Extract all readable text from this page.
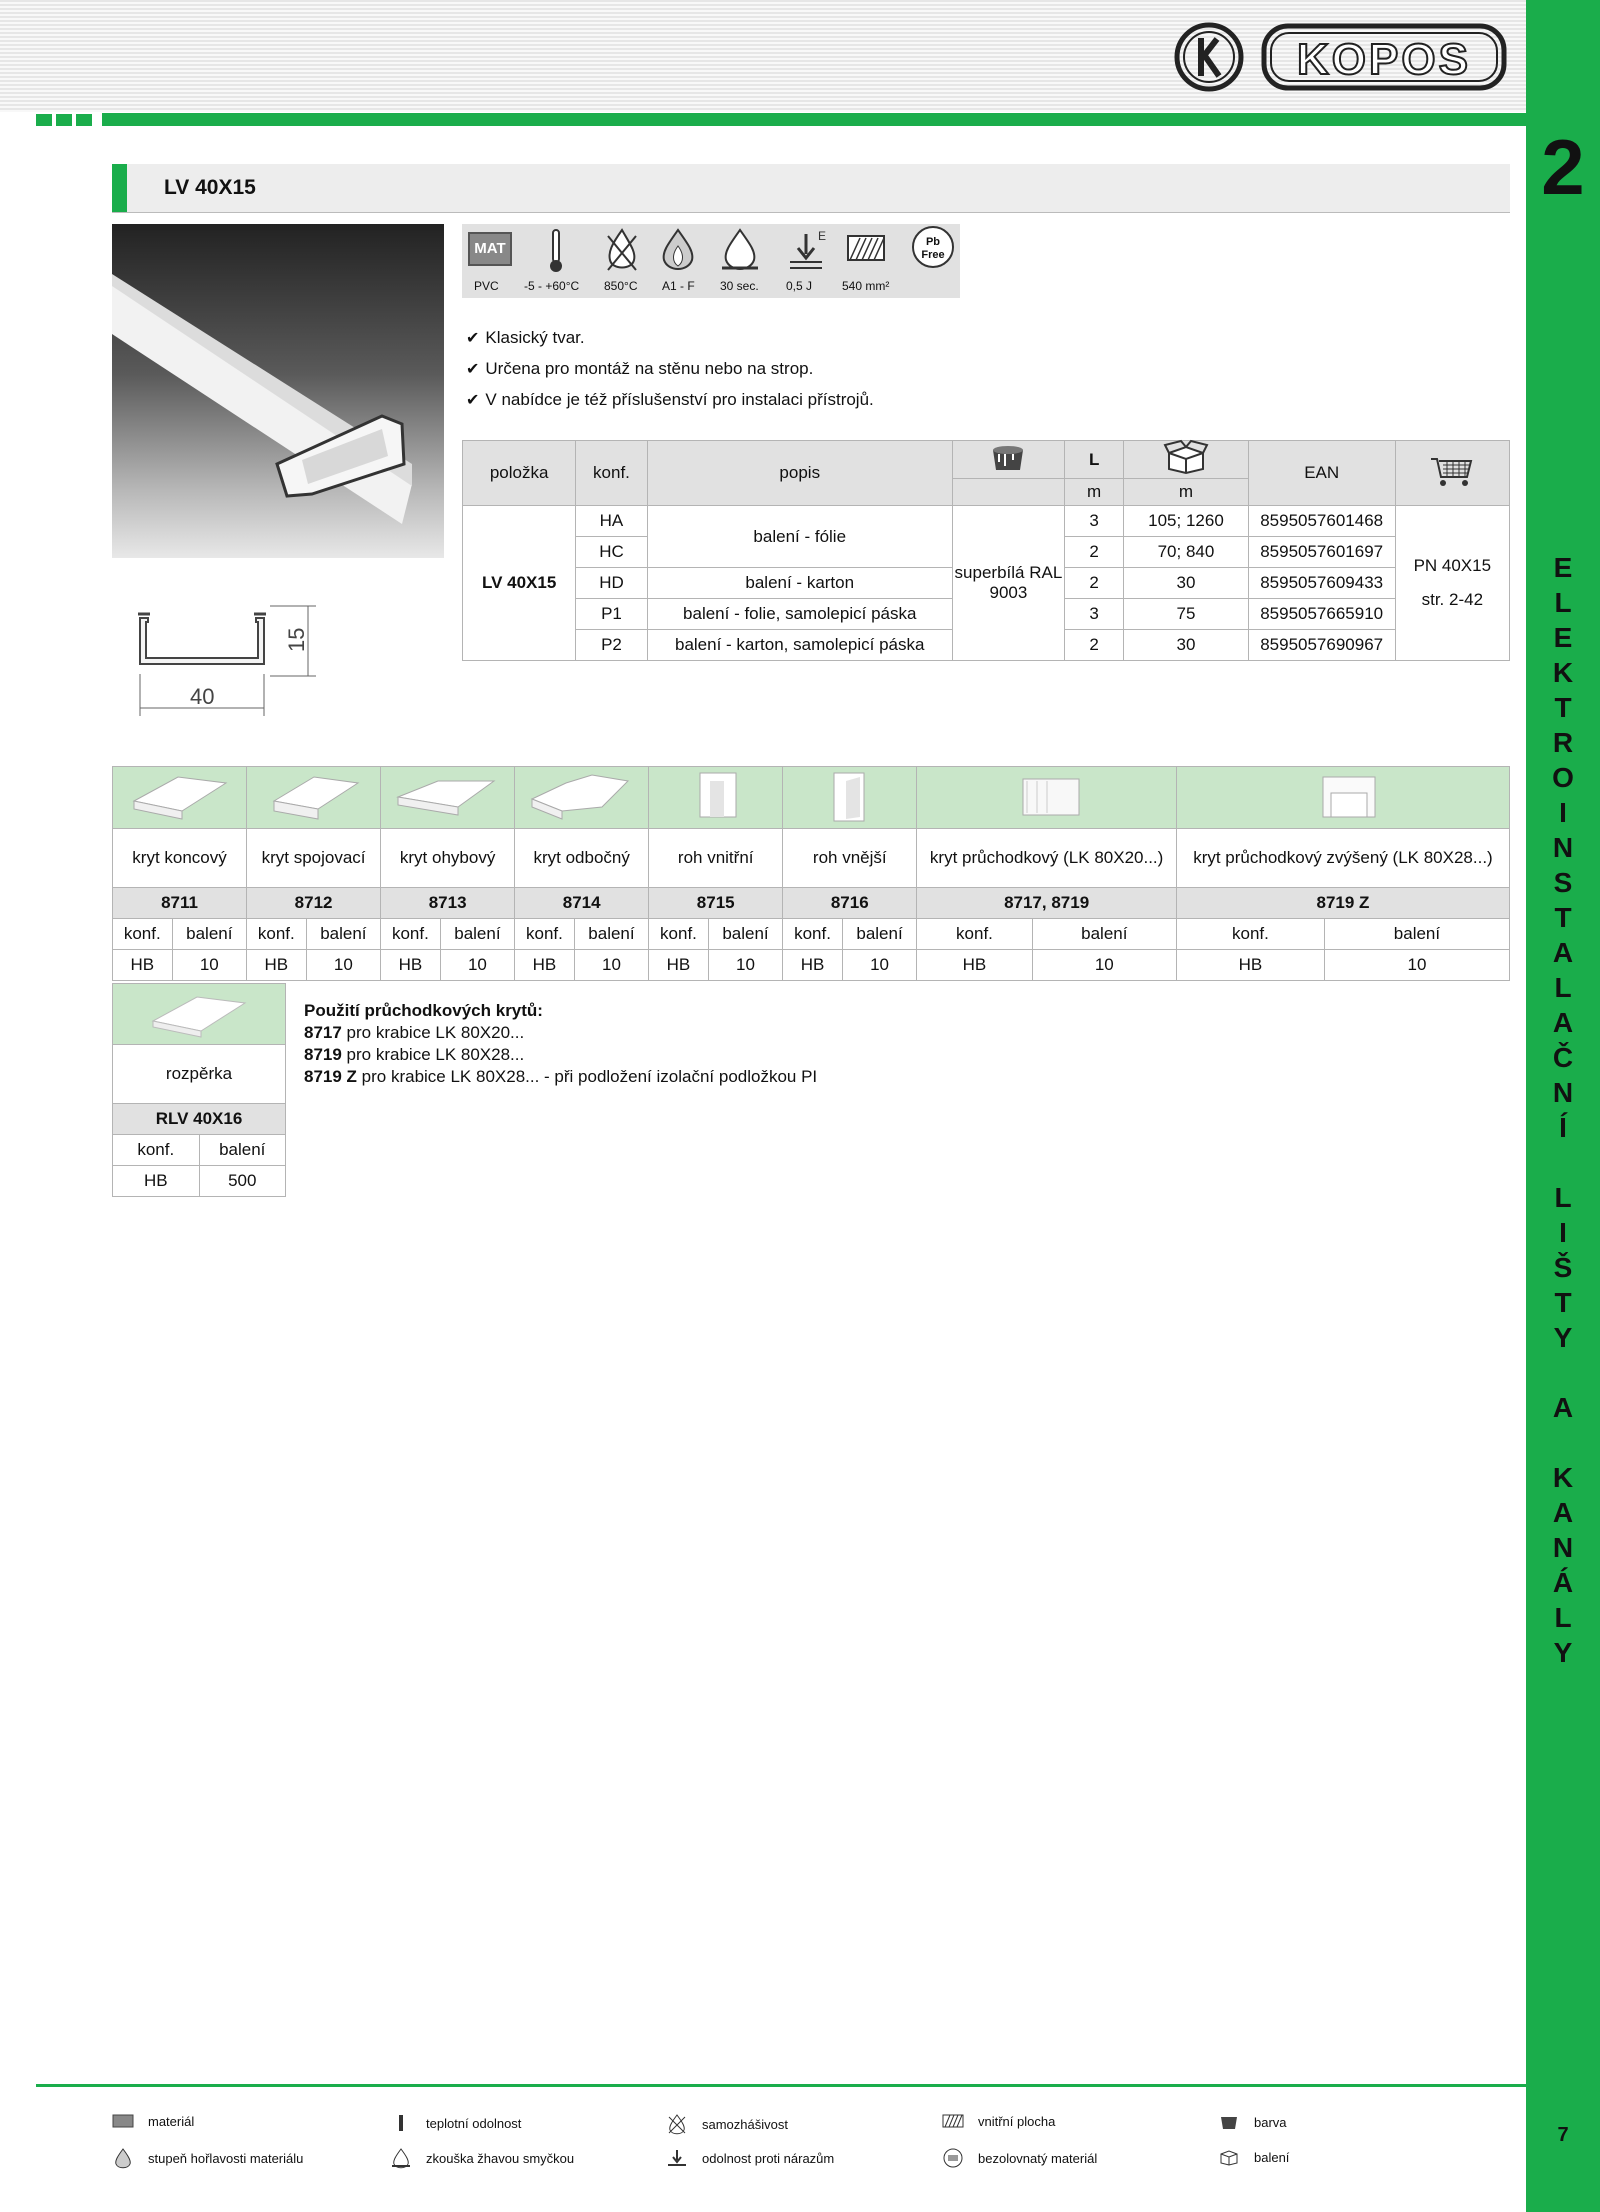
KOPOS
2
E
L
E
K
T
R
O
I
N
S
T
A
L
A
Č
N
Í
L
I
Š
T
Y
A
K
A
N
Á
L
Y
7
LV 40X15
40
15
MAT
E	Pb
Free
PVC -5 - +60°C 850°C A1 - F 30 sec. 0,5 J 540 mm²
✔ Klasický tvar.
✔ Určena pro montáž na stěnu nebo na strop.
✔ V nabídce je též příslušenství pro instalaci přístrojů.
položka	konf.	popis		L		EAN	
				m	m		
LV 40X15	HA	balení - fólie	superbílá RAL 9003	3	105; 1260	8595057601468	PN 40X15
str. 2-42

	HC			2	70; 840	8595057601697	
	HD	balení - karton		2	30	8595057609433	
	P1	balení - folie, samolepicí páska		3	75	8595057665910	
	P2	balení - karton, samolepicí páska		2	30	8595057690967	

kryt koncový		kryt spojovací		kryt ohybový		kryt odbočný		roh vnitřní		roh vnější		kryt průchodkový (LK 80X20...)		kryt průchodkový zvýšený (LK 80X28...)	
8711		8712		8713		8714		8715		8716		8717, 8719		8719 Z	
konf.	balení	konf.	balení	konf.	balení	konf.	balení	konf.	balení	konf.	balení	konf.	balení	konf.	balení
HB	10	HB	10	HB	10	HB	10	HB	10	HB	10	HB	10	HB	10

rozpěrka	
RLV 40X16	
konf.	balení
HB	500
Použití průchodkových krytů:
8717 pro krabice LK 80X20...
8719 pro krabice LK 80X28...
8719 Z pro krabice LK 80X28... - při podložení izolační podložkou PI
materiál	teplotní odolnost	samozhášivost	vnitřní plocha	barva
stupeň hořlavosti materiálu	zkouška žhavou smyčkou	odolnost proti nárazům	bezolovnatý materiál	balení
